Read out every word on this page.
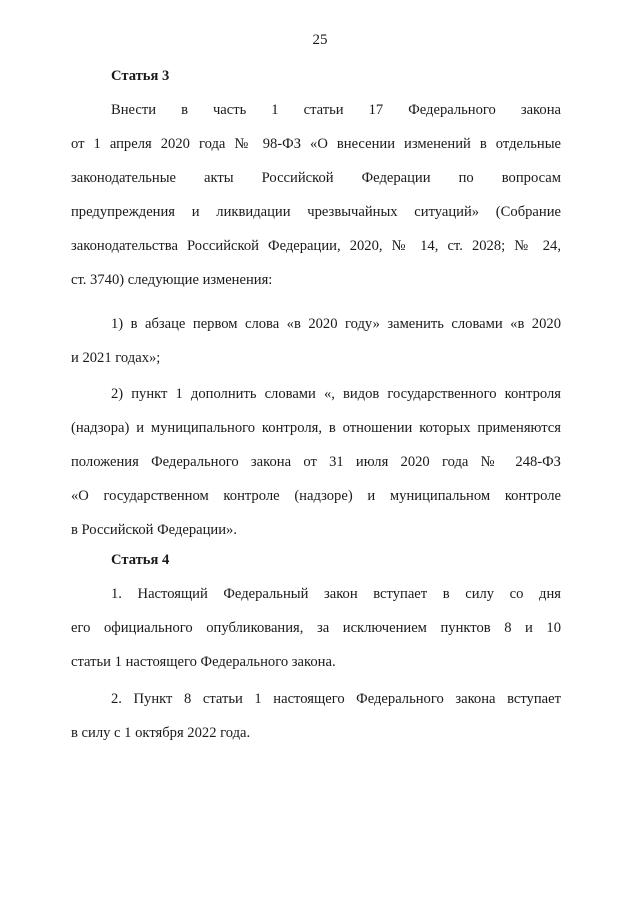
25
Статья 3
Внести в часть 1 статьи 17 Федерального закона
от 1 апреля 2020 года № 98-ФЗ «О внесении изменений в отдельные
законодательные акты Российской Федерации по вопросам
предупреждения и ликвидации чрезвычайных ситуаций» (Собрание
законодательства Российской Федерации, 2020, № 14, ст. 2028; № 24,
ст. 3740) следующие изменения:
1) в абзаце первом слова «в 2020 году» заменить словами «в 2020
и 2021 годах»;
2) пункт 1 дополнить словами «, видов государственного контроля
(надзора) и муниципального контроля, в отношении которых применяются
положения Федерального закона от 31 июля 2020 года № 248-ФЗ
«О государственном контроле (надзоре) и муниципальном контроле
в Российской Федерации».
Статья 4
1. Настоящий Федеральный закон вступает в силу со дня
его официального опубликования, за исключением пунктов 8 и 10
статьи 1 настоящего Федерального закона.
2. Пункт 8 статьи 1 настоящего Федерального закона вступает
в силу с 1 октября 2022 года.
